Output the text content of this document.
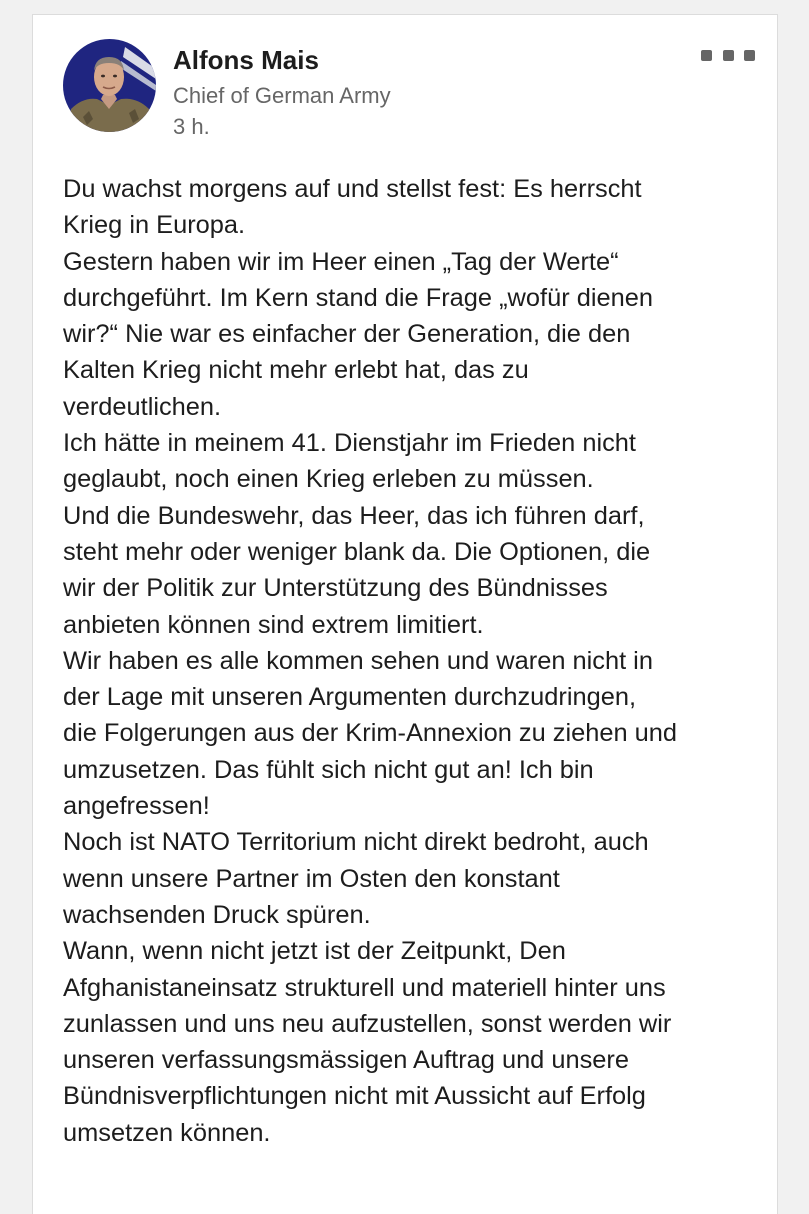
Alfons Mais
Chief of German Army
3 h.
Du wachst morgens auf und stellst fest: Es herrscht
Krieg in Europa.
Gestern haben wir im Heer einen „Tag der Werte“
durchgeführt. Im Kern stand die Frage „wofür dienen
wir?“ Nie war es einfacher der Generation, die den
Kalten Krieg nicht mehr erlebt hat, das zu
verdeutlichen.
Ich hätte in meinem 41. Dienstjahr im Frieden nicht
geglaubt, noch einen Krieg erleben zu müssen.
Und die Bundeswehr, das Heer, das ich führen darf,
steht mehr oder weniger blank da. Die Optionen, die
wir der Politik zur Unterstützung des Bündnisses
anbieten können sind extrem limitiert.
Wir haben es alle kommen sehen und waren nicht in
der Lage mit unseren Argumenten durchzudringen,
die Folgerungen aus der Krim-Annexion zu ziehen und
umzusetzen. Das fühlt sich nicht gut an! Ich bin
angefressen!
Noch ist NATO Territorium nicht direkt bedroht, auch
wenn unsere Partner im Osten den konstant
wachsenden Druck spüren.
Wann, wenn nicht jetzt ist der Zeitpunkt, Den
Afghanistaneinsatz strukturell und materiell hinter uns
zunlassen und uns neu aufzustellen, sonst werden wir
unseren verfassungsmässigen Auftrag und unsere
Bündnisverpflichtungen nicht mit Aussicht auf Erfolg
umsetzen können.
